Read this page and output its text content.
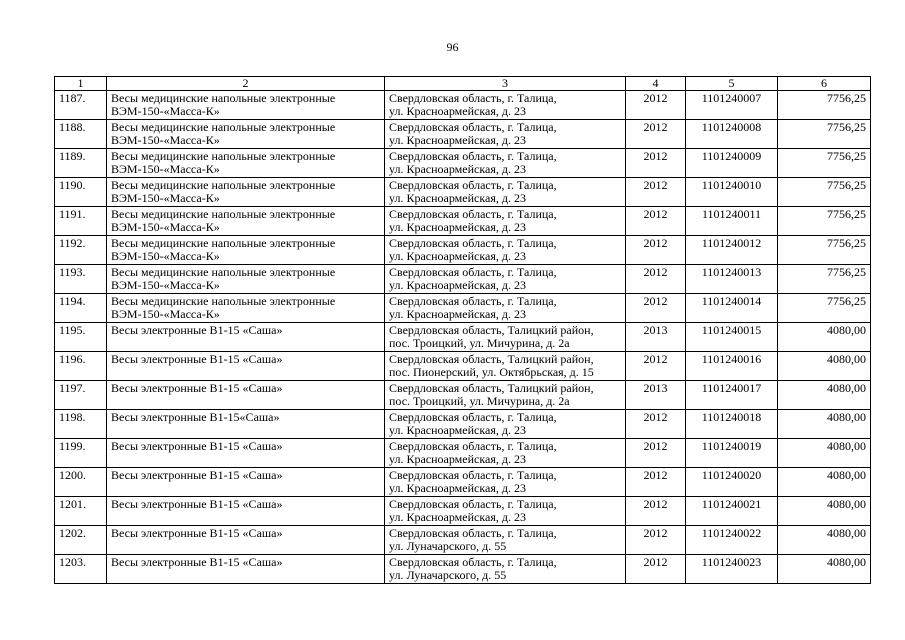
96
1	2	3	4	5	6

1187.	Весы медицинские напольные электронные
ВЭМ-150-«Масса-К»	Свердловская область, г. Талица,
ул. Красноармейская, д. 23	2012	1101240007	7756,25

1188.	Весы медицинские напольные электронные
ВЭМ-150-«Масса-К»	Свердловская область, г. Талица,
ул. Красноармейская, д. 23	2012	1101240008	7756,25

1189.	Весы медицинские напольные электронные
ВЭМ-150-«Масса-К»	Свердловская область, г. Талица,
ул. Красноармейская, д. 23	2012	1101240009	7756,25

1190.	Весы медицинские напольные электронные
ВЭМ-150-«Масса-К»	Свердловская область, г. Талица,
ул. Красноармейская, д. 23	2012	1101240010	7756,25

1191.	Весы медицинские напольные электронные
ВЭМ-150-«Масса-К»	Свердловская область, г. Талица,
ул. Красноармейская, д. 23	2012	1101240011	7756,25

1192.	Весы медицинские напольные электронные
ВЭМ-150-«Масса-К»	Свердловская область, г. Талица,
ул. Красноармейская, д. 23	2012	1101240012	7756,25

1193.	Весы медицинские напольные электронные
ВЭМ-150-«Масса-К»	Свердловская область, г. Талица,
ул. Красноармейская, д. 23	2012	1101240013	7756,25

1194.	Весы медицинские напольные электронные
ВЭМ-150-«Масса-К»	Свердловская область, г. Талица,
ул. Красноармейская, д. 23	2012	1101240014	7756,25

1195.	Весы электронные В1-15 «Саша»	Свердловская область, Талицкий район,
пос. Троицкий, ул. Мичурина, д. 2а	2013	1101240015	4080,00

1196.	Весы электронные В1-15 «Саша»	Свердловская область, Талицкий район,
пос. Пионерский, ул. Октябрьская, д. 15	2012	1101240016	4080,00

1197.	Весы электронные В1-15 «Саша»	Свердловская область, Талицкий район,
пос. Троицкий, ул. Мичурина, д. 2а	2013	1101240017	4080,00

1198.	Весы электронные В1-15«Саша»	Свердловская область, г. Талица,
ул. Красноармейская, д. 23	2012	1101240018	4080,00

1199.	Весы электронные В1-15 «Саша»	Свердловская область, г. Талица,
ул. Красноармейская, д. 23	2012	1101240019	4080,00

1200.	Весы электронные В1-15 «Саша»	Свердловская область, г. Талица,
ул. Красноармейская, д. 23	2012	1101240020	4080,00

1201.	Весы электронные В1-15 «Саша»	Свердловская область, г. Талица,
ул. Красноармейская, д. 23	2012	1101240021	4080,00

1202.	Весы электронные В1-15 «Саша»	Свердловская область, г. Талица,
ул. Луначарского, д. 55	2012	1101240022	4080,00

1203.	Весы электронные В1-15 «Саша»	Свердловская область, г. Талица,
ул. Луначарского, д. 55	2012	1101240023	4080,00
